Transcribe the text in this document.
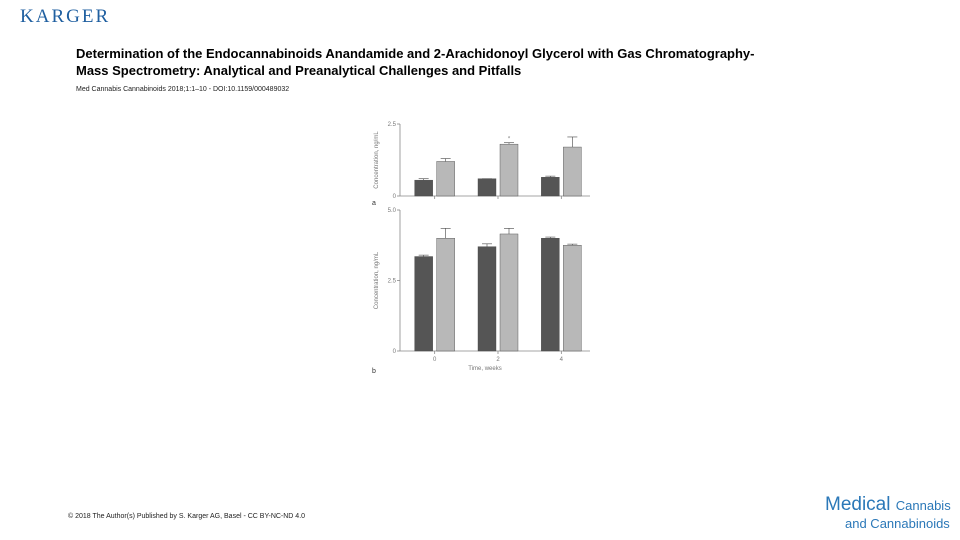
KARGER
Determination of the Endocannabinoids Anandamide and 2-Arachidonoyl Glycerol with Gas Chromatography-
Mass Spectrometry: Analytical and Preanalytical Challenges and Pitfalls
Med Cannabis Cannabinoids 2018;1:1–10 - DOI:10.1159/000489032
0
2.5
Concentration, ng/mL	*
a
0
2.5
5.0
Concentration, ng/mL
0	2	4
Time, weeks
b
© 2018 The Author(s) Published by S. Karger AG, Basel - CC BY-NC-ND 4.0
Medical Cannabis
and Cannabinoids
